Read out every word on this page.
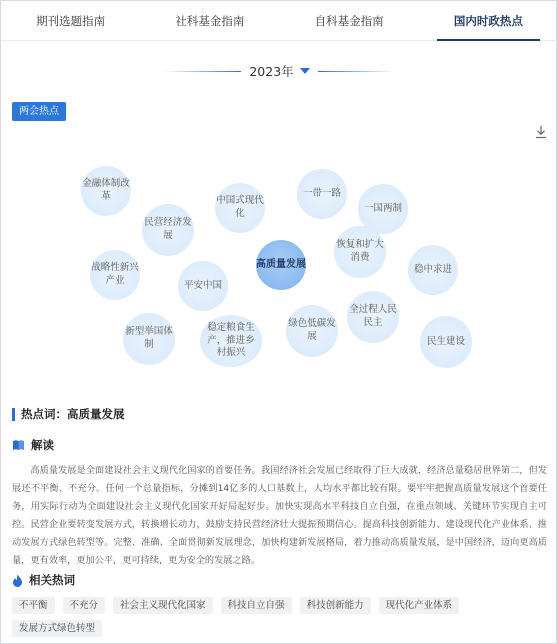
期刊选题指南	社科基金指南	自科基金指南	国内时政热点
2023年
两会热点
金融体制改革	中国式现代化
一带一路
一国两制
民营经济发展
恢复和扩大消费
高质量发展
战略性新兴产业	平安中国
稳中求进
全过程人民民主
新型举国体制
稳定粮食生产，推进乡村振兴
绿色低碳发展	民生建设
热点词：高质量发展
解读
高质量发展是全面建设社会主义现代化国家的首要任务。我国经济社会发展已经取得了巨大成就，经济总量稳居世界第二，但发展还不平衡、不充分。任何一个总量指标，分摊到14亿多的人口基数上，人均水平都比较有限。要牢牢把握高质量发展这个首要任务，用实际行动为全面建设社会主义现代化国家开好局起好步。加快实现高水平科技自立自强，在重点领域、关键环节实现自主可控。民营企业要转变发展方式，转换增长动力，鼓励支持民营经济壮大提振预期信心。提高科技创新能力、建设现代化产业体系、推动发展方式绿色转型等。完整、准确、全面贯彻新发展理念，加快构建新发展格局，着力推动高质量发展，是中国经济，迈向更高质量，更有效率，更加公平，更可持续，更为安全的发展之路。
相关热词
不平衡	不充分	社会主义现代化国家	科技自立自强	科技创新能力	现代化产业体系
发展方式绿色转型
